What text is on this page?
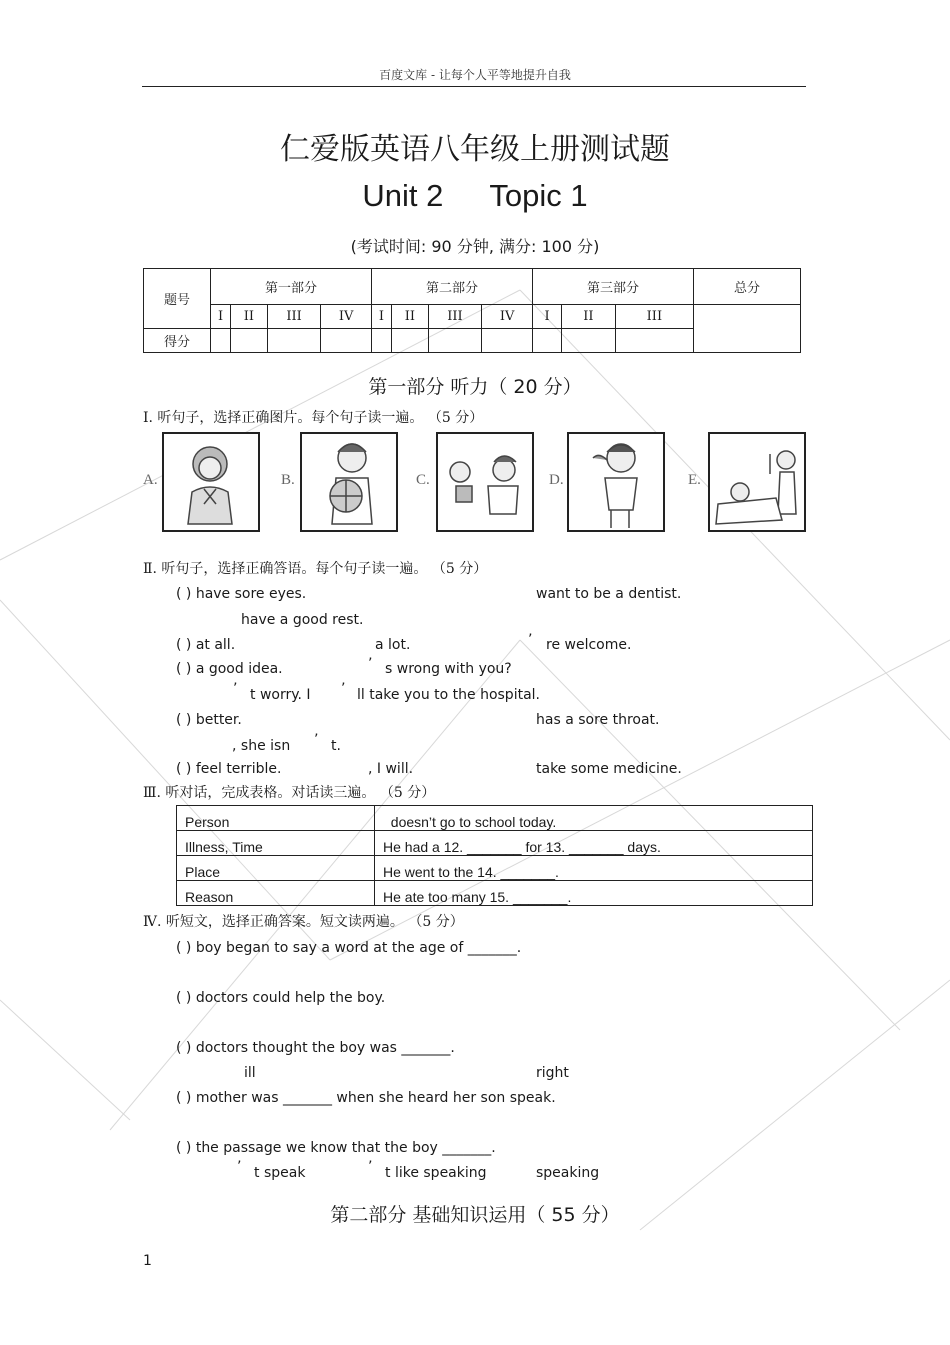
百度文库 - 让每个人平等地提升自我
仁爱版英语八年级上册测试题
Unit 2 Topic 1
(考试时间: 90 分钟, 满分: 100 分)
题号	第一部分				第二部分				第三部分			总分
	I	II	III	IV	I	II	III	IV	I	II	III	
得分												
第一部分 听力（ 20 分）
Ⅰ. 听句子，选择正确图片。每个句子读一遍。 （5 分）
A.	B.	C.	D.	E.
Ⅱ. 听句子，选择正确答语。每个句子读一遍。 （5 分）
( ) have sore eyes.	want to be a dentist.
have a good rest.
( ) at all.	a lot.	’ re welcome.
( ) a good idea.	’ s wrong with you?
’ t worry. I ’ ll take you to the hospital.
( ) better.	has a sore throat.
, she isn ’ t.
( ) feel terrible.	, I will.	take some medicine.
Ⅲ. 听对话，完成表格。对话读三遍。 （5 分）
Person	doesn’t go to school today.
Illness, Time	He had a 12. _______ for 13. _______ days.
Place	He went to the 14. _______.
Reason	He ate too many 15. _______.
Ⅳ. 听短文，选择正确答案。短文读两遍。 （5 分）
( ) boy began to say a word at the age of _______.
( ) doctors could help the boy.
( ) doctors thought the boy was _______.
ill	right
( ) mother was _______ when she heard her son speak.
( ) the passage we know that the boy _______.
’ t speak	’ t like speaking	speaking
第二部分 基础知识运用（ 55 分）
1
